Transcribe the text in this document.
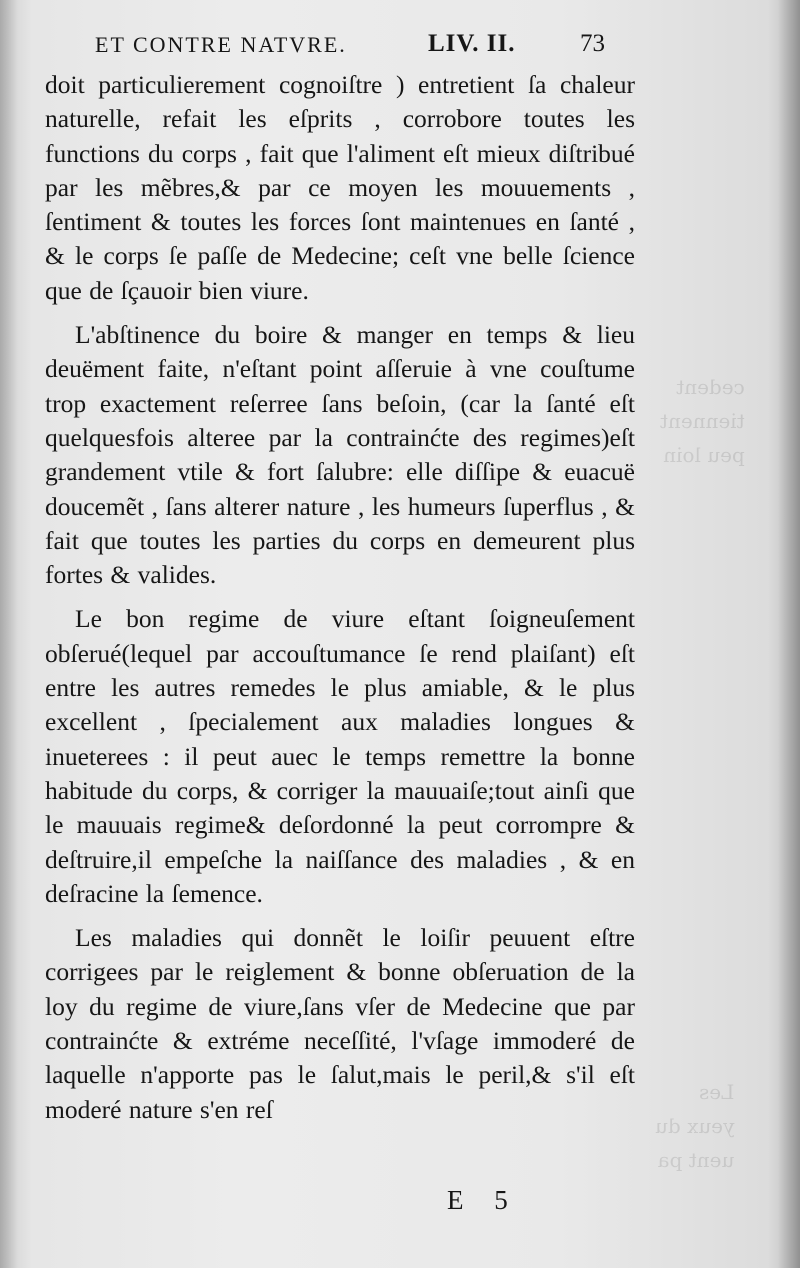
cedent
tiennent
peu loin
Les
yeux du
uent pa
ET CONTRE NATVRE.	LIV. II.	73

doit particulierement cognoiſtre ) entretient ſa chaleur naturelle, refait les eſprits , corrobore toutes les functions du corps , fait que l'aliment eſt mieux diſtribué par les mẽbres,& par ce moyen les mouuements , ſentiment & toutes les forces ſont maintenues en ſanté , & le corps ſe paſſe de Medecine; ceſt vne belle ſcience que de ſçauoir bien viure.

L'abſtinence du boire & manger en temps & lieu deuëment faite, n'eſtant point aſſeruie à vne couſtume trop exactement reſerree ſans beſoin, (car la ſanté eſt quelquesfois alteree par la contrainćte des regimes)eſt grandement vtile & fort ſalubre: elle diſſipe & euacuë doucemẽt , ſans alterer nature , les humeurs ſuperflus , & fait que toutes les parties du corps en demeurent plus fortes & valides.

Le bon regime de viure eſtant ſoigneuſement obſerué(lequel par accouſtumance ſe rend plaiſant) eſt entre les autres remedes le plus amiable, & le plus excellent , ſpecialement aux maladies longues & inueterees : il peut auec le temps remettre la bonne habitude du corps, & corriger la mauuaiſe;tout ainſi que le mauuais regime& deſordonné la peut corrompre & deſtruire,il empeſche la naiſſance des maladies , & en deſracine la ſemence.

Les maladies qui donnẽt le loiſir peuuent eſtre corrigees par le reiglement & bonne obſeruation de la loy du regime de viure,ſans vſer de Medecine que par contrainćte & extréme neceſſité, l'vſage immoderé de laquelle n'apporte pas le ſalut,mais le peril,& s'il eſt moderé nature s'en reſ

E 5
